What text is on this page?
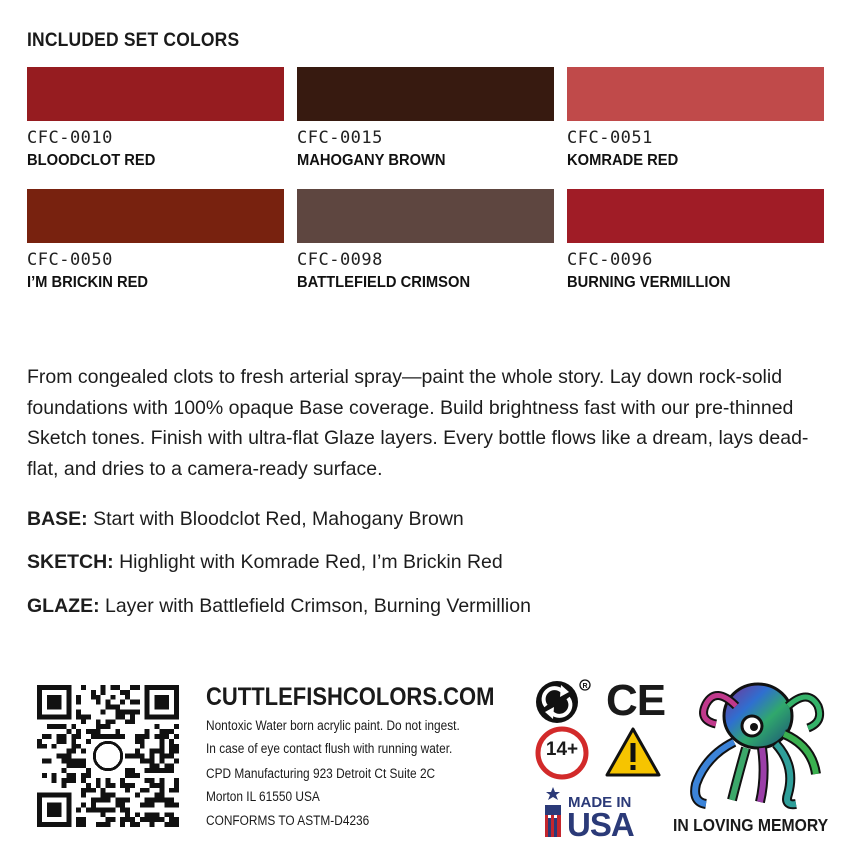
INCLUDED SET COLORS
CFC-0010	CFC-0015	CFC-0051
BLOODCLOT RED	MAHOGANY BROWN	KOMRADE RED
CFC-0050	CFC-0098	CFC-0096
I’M BRICKIN RED	BATTLEFIELD CRIMSON	BURNING VERMILLION
From congealed clots to fresh arterial spray—paint the whole story. Lay down rock-solid foundations with 100% opaque Base coverage. Build brightness fast with our pre-thinned Sketch tones. Finish with ultra-flat Glaze layers. Every bottle flows like a dream, lays dead-flat, and dries to a camera-ready surface.
BASE: Start with Bloodclot Red, Mahogany Brown
SKETCH: Highlight with Komrade Red, I’m Brickin Red
GLAZE: Layer with Battlefield Crimson, Burning Vermillion
CUTTLEFISHCOLORS.COM
Nontoxic Water born acrylic paint. Do not ingest.
In case of eye contact flush with running water.
CPD Manufacturing 923 Detroit Ct Suite 2C
Morton IL 61550 USA
CONFORMS TO ASTM-D4236
R CE
14+
MADE IN
USA IN LOVING MEMORY
